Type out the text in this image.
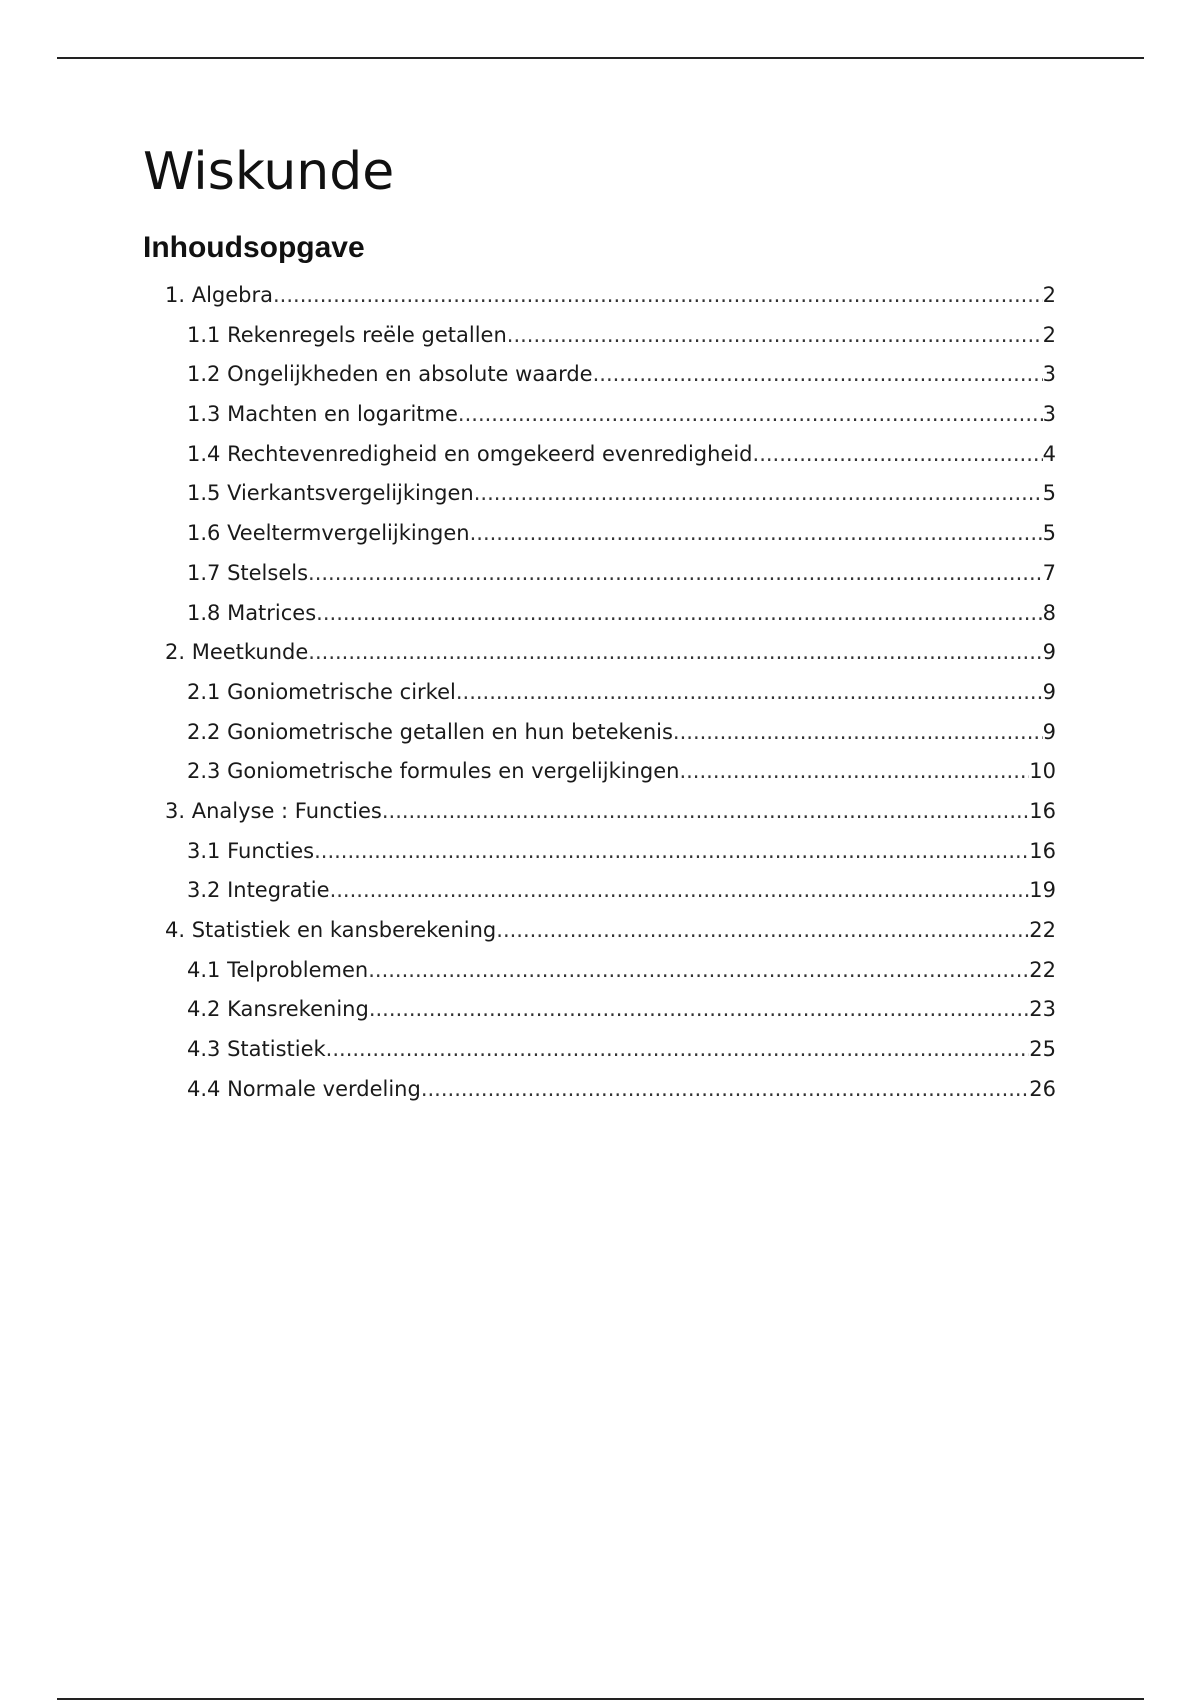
Wiskunde
Inhoudsopgave
1. Algebra .....	2
1.1 Rekenregels reële getallen .....	2
1.2 Ongelijkheden en absolute waarde .....	3
1.3 Machten en logaritme .....	3
1.4 Rechtevenredigheid en omgekeerd evenredigheid .....	4
1.5 Vierkantsvergelijkingen .....	5
1.6 Veeltermvergelijkingen .....	5
1.7 Stelsels .....	7
1.8 Matrices .....	8
2. Meetkunde .....	9
2.1 Goniometrische cirkel .....	9
2.2 Goniometrische getallen en hun betekenis .....	9
2.3 Goniometrische formules en vergelijkingen .....	10
3. Analyse : Functies .....	16
3.1 Functies .....	16
3.2 Integratie .....	19
4. Statistiek en kansberekening .....	22
4.1 Telproblemen .....	22
4.2 Kansrekening .....	23
4.3 Statistiek .....	25
4.4 Normale verdeling .....	26
